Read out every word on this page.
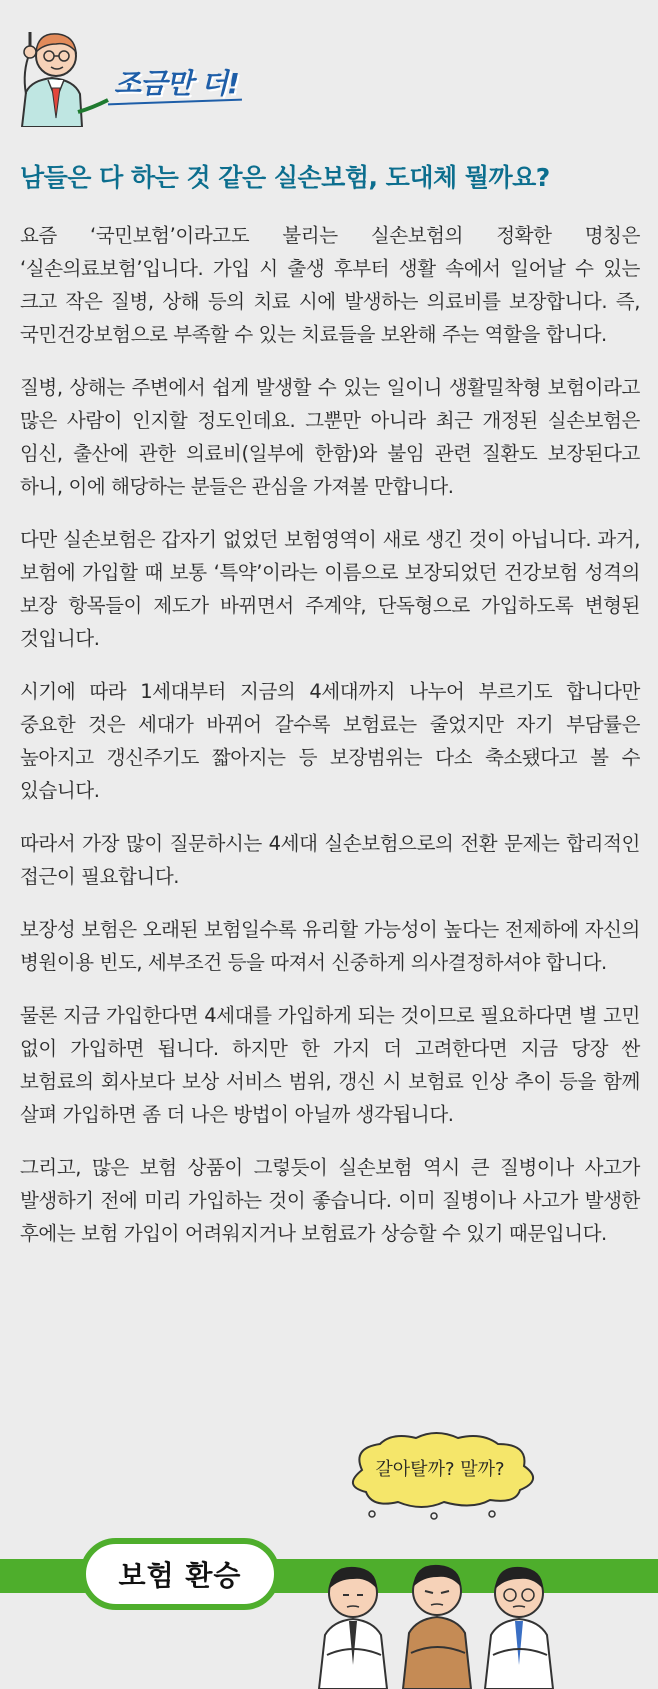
조금만 더!
남들은 다 하는 것 같은 실손보험, 도대체 뭘까요?

요즘 ‘국민보험’이라고도 불리는 실손보험의 정확한 명칭은 ‘실손의료보험’입니다. 가입 시 출생 후부터 생활 속에서 일어날 수 있는 크고 작은 질병, 상해 등의 치료 시에 발생하는 의료비를 보장합니다. 즉, 국민건강보험으로 부족할 수 있는 치료들을 보완해 주는 역할을 합니다.

질병, 상해는 주변에서 쉽게 발생할 수 있는 일이니 생활밀착형 보험이라고 많은 사람이 인지할 정도인데요. 그뿐만 아니라 최근 개정된 실손보험은 임신, 출산에 관한 의료비(일부에 한함)와 불임 관련 질환도 보장된다고 하니, 이에 해당하는 분들은 관심을 가져볼 만합니다.

다만 실손보험은 갑자기 없었던 보험영역이 새로 생긴 것이 아닙니다. 과거, 보험에 가입할 때 보통 ‘특약’이라는 이름으로 보장되었던 건강보험 성격의 보장 항목들이 제도가 바뀌면서 주계약, 단독형으로 가입하도록 변형된 것입니다.

시기에 따라 1세대부터 지금의 4세대까지 나누어 부르기도 합니다만 중요한 것은 세대가 바뀌어 갈수록 보험료는 줄었지만 자기 부담률은 높아지고 갱신주기도 짧아지는 등 보장범위는 다소 축소됐다고 볼 수 있습니다.

따라서 가장 많이 질문하시는 4세대 실손보험으로의 전환 문제는 합리적인 접근이 필요합니다.

보장성 보험은 오래된 보험일수록 유리할 가능성이 높다는 전제하에 자신의 병원이용 빈도, 세부조건 등을 따져서 신중하게 의사결정하셔야 합니다.

물론 지금 가입한다면 4세대를 가입하게 되는 것이므로 필요하다면 별 고민 없이 가입하면 됩니다. 하지만 한 가지 더 고려한다면 지금 당장 싼 보험료의 회사보다 보상 서비스 범위, 갱신 시 보험료 인상 추이 등을 함께 살펴 가입하면 좀 더 나은 방법이 아닐까 생각됩니다.

그리고, 많은 보험 상품이 그렇듯이 실손보험 역시 큰 질병이나 사고가 발생하기 전에 미리 가입하는 것이 좋습니다. 이미 질병이나 사고가 발생한 후에는 보험 가입이 어려워지거나 보험료가 상승할 수 있기 때문입니다.

보험 환승
갈아탈까? 말까?
